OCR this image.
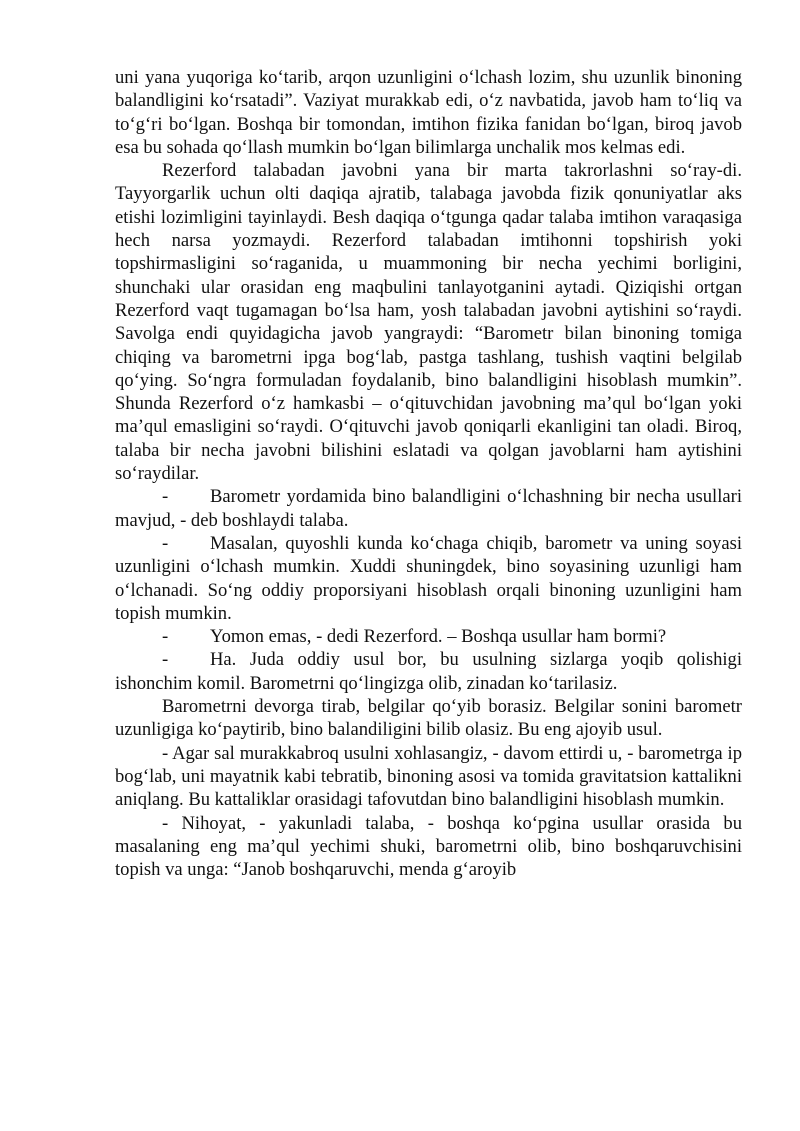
uni yana yuqoriga koʻtarib, arqon uzunligini oʻlchash lozim, shu uzunlik binoning balandligini koʻrsatadi”. Vaziyat murakkab edi, oʻz navbatida, javob ham toʻliq va toʻgʻri boʻlgan. Boshqa bir tomondan, imtihon fizika fanidan boʻlgan, biroq javob esa bu sohada qoʻllash mumkin boʻlgan bilimlarga unchalik mos kelmas edi.

Rezerford talabadan javobni yana bir marta takrorlashni soʻray-di. Tayyorgarlik uchun olti daqiqa ajratib, talabaga javobda fizik qonuniyatlar aks etishi lozimligini tayinlaydi. Besh daqiqa oʻtgunga qadar talaba imtihon varaqasiga hech narsa yozmaydi. Rezerford talabadan imtihonni topshirish yoki topshirmasligini soʻraganida, u muammoning bir necha yechimi borligini, shunchaki ular orasidan eng maqbulini tanlayotganini aytadi. Qiziqishi ortgan Rezerford vaqt tugamagan boʻlsa ham, yosh talabadan javobni aytishini soʻraydi. Savolga endi quyidagicha javob yangraydi: “Barometr bilan binoning tomiga chiqing va barometrni ipga bogʻlab, pastga tashlang, tushish vaqtini belgilab qoʻying. Soʻngra formuladan foydalanib, bino balandligini hisoblash mumkin”. Shunda Rezerford oʻz hamkasbi – oʻqituvchidan javobning maʼqul boʻlgan yoki maʼqul emasligini soʻraydi. Oʻqituvchi javob qoniqarli ekanligini tan oladi. Biroq, talaba bir necha javobni bilishini eslatadi va qolgan javoblarni ham aytishini soʻraydilar.

- Barometr yordamida bino balandligini oʻlchashning bir necha usullari mavjud, - deb boshlaydi talaba.

- Masalan, quyoshli kunda koʻchaga chiqib, barometr va uning soyasi uzunligini oʻlchash mumkin. Xuddi shuningdek, bino soyasining uzunligi ham oʻlchanadi. Soʻng oddiy proporsiyani hisoblash orqali binoning uzunligini ham topish mumkin.

- Yomon emas, - dedi Rezerford. – Boshqa usullar ham bormi?

- Ha. Juda oddiy usul bor, bu usulning sizlarga yoqib qolishigi ishonchim komil. Barometrni qoʻlingizga olib, zinadan koʻtarilasiz.

Barometrni devorga tirab, belgilar qoʻyib borasiz. Belgilar sonini barometr uzunligiga koʻpaytirib, bino balandiligini bilib olasiz. Bu eng ajoyib usul.

- Agar sal murakkabroq usulni xohlasangiz, - davom ettirdi u, - barometrga ip bogʻlab, uni mayatnik kabi tebratib, binoning asosi va tomida gravitatsion kattalikni aniqlang. Bu kattaliklar orasidagi tafovutdan bino balandligini hisoblash mumkin.

- Nihoyat, - yakunladi talaba, - boshqa koʻpgina usullar orasida bu masalaning eng maʼqul yechimi shuki, barometrni olib, bino boshqaruvchisini topish va unga: “Janob boshqaruvchi, menda gʻaroyib
